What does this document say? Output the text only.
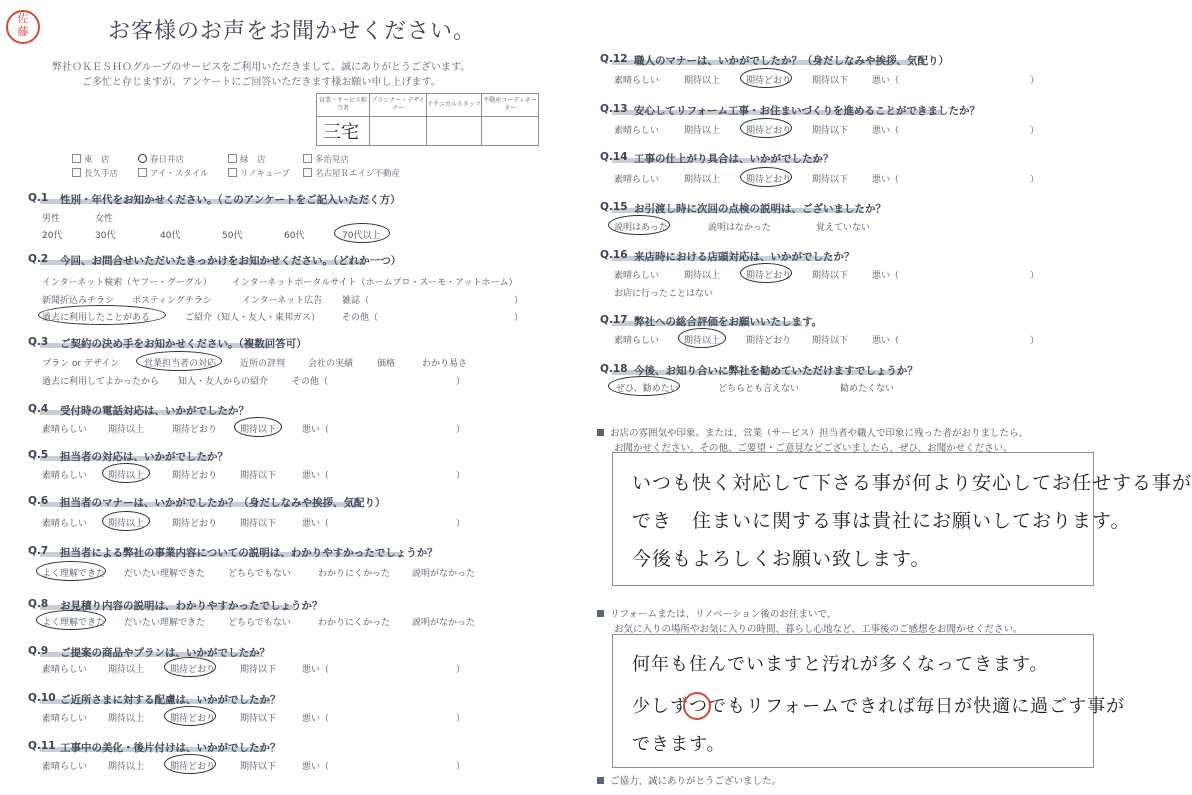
佐
藤	お客様のお声をお聞かせください。
弊社ＯＫＥＳＨＯグループのサービスをご利用いただきまして、誠にありがとうございます。
ご多忙と存じますが、アンケートにご回答いただきます様お願い申し上げます。
営業・サービス担当者	プランナー・デザイナー	テクニカルスタッフ	不動産コーディネーター
三宅			
東　店	春日井店	緑　店	多治見店
長久手店	アイ・スタイル	リノキューブ	名古屋Ｒエイジ不動産
Q.1 性別・年代をお知かせください。（このアンケートをご記入いただく方）
男性	女性
20代	30代	40代	50代	60代	70代以上
Q.2 今回、お問合せいただいたきっかけをお知かせください。（どれか一つ）
インターネット検索（ヤフー・グーグル） インターネットポータルサイト（ホームプロ・スーモ・アットホーム）
新聞折込みチラシ ポスティングチラシ	インターネット広告 雑誌（	）
過去に利用したことがある	ご紹介（知人・友人・東邦ガス） その他（	）
Q.3 ご契約の決め手をお知かせください。（複数回答可）
プラン or デザイン	営業担当者の対応	近所の評判	会社の実績	価格	わかり易さ
過去に利用してよかったから 知人・友人からの紹介	その他（	）
Q.4 受付時の電話対応は、いかがでしたか？
素晴らしい 期待以上	期待どおり	期待以下	悪い（	）
Q.5 担当者の対応は、いかがでしたか？
素晴らしい 期待以上	期待どおり	期待以下	悪い（	）
Q.6 担当者のマナーは、いかがでしたか？（身だしなみや挨拶、気配り）
素晴らしい 期待以上	期待どおり	期待以下	悪い（	）
Q.7 担当者による弊社の事業内容についての説明は、わかりやすかったでしょうか？
よく理解できた だいたい理解できた	どちらでもない	わかりにくかった 説明がなかった
Q.8 お見積り内容の説明は、わかりやすかったでしょうか？
よく理解できた だいたい理解できた	どちらでもない	わかりにくかった 説明がなかった
Q.9 ご提案の商品やプランは、いかがでしたか？
素晴らしい 期待以上	期待どおり	期待以下	悪い（	）
Q.10 ご近所さまに対する配慮は、いかがでしたか？
素晴らしい 期待以上	期待どおり	期待以下	悪い（	）
Q.11 工事中の美化・後片付けは、いかがでしたか？
素晴らしい 期待以上	期待どおり	期待以下	悪い（	）
Q.12 職人のマナーは、いかがでしたか？（身だしなみや挨拶、気配り）
素晴らしい	期待以上	期待どおり 期待以下	悪い（	）
Q.13 安心してリフォーム工事・お住まいづくりを進めることができましたか？
素晴らしい	期待以上	期待どおり 期待以下	悪い（	）
Q.14 工事の仕上がり具合は、いかがでしたか？
素晴らしい	期待以上	期待どおり 期待以下	悪い（	）
Q.15 お引渡し時に次回の点検の説明は、ございましたか？
説明はあった	説明はなかった	覚えていない
Q.16 来店時における店頭対応は、いかがでしたか？
素晴らしい	期待以上	期待どおり 期待以下	悪い（	）
お店に行ったことはない
Q.17 弊社への総合評価をお願いいたします。
素晴らしい	期待以上	期待どおり 期待以下	悪い（	）
Q.18 今後、お知り合いに弊社を勧めていただけますでしょうか？
ぜひ、勧めたい	どちらとも言えない	勧めたくない
お店の雰囲気や印象。または、営業（サービス）担当者や職人で印象に残った者がおりましたら、
お聞かせください。その他、ご要望・ご意見などございましたら、ぜひ、お聞かせください。
いつも快く対応して下さる事が何より安心してお任せする事が
でき　住まいに関する事は貴社にお願いしております。
今後もよろしくお願い致します。
リフォームまたは、リノベーション後のお住まいで、
お気に入りの場所やお気に入りの時間、暮らし心地など、工事後のご感想をお聞かせください。
何年も住んでいますと汚れが多くなってきます。
少しずつでもリフォームできれば毎日が快適に過ごす事が
できます。
ご協力、誠にありがとうございました。
